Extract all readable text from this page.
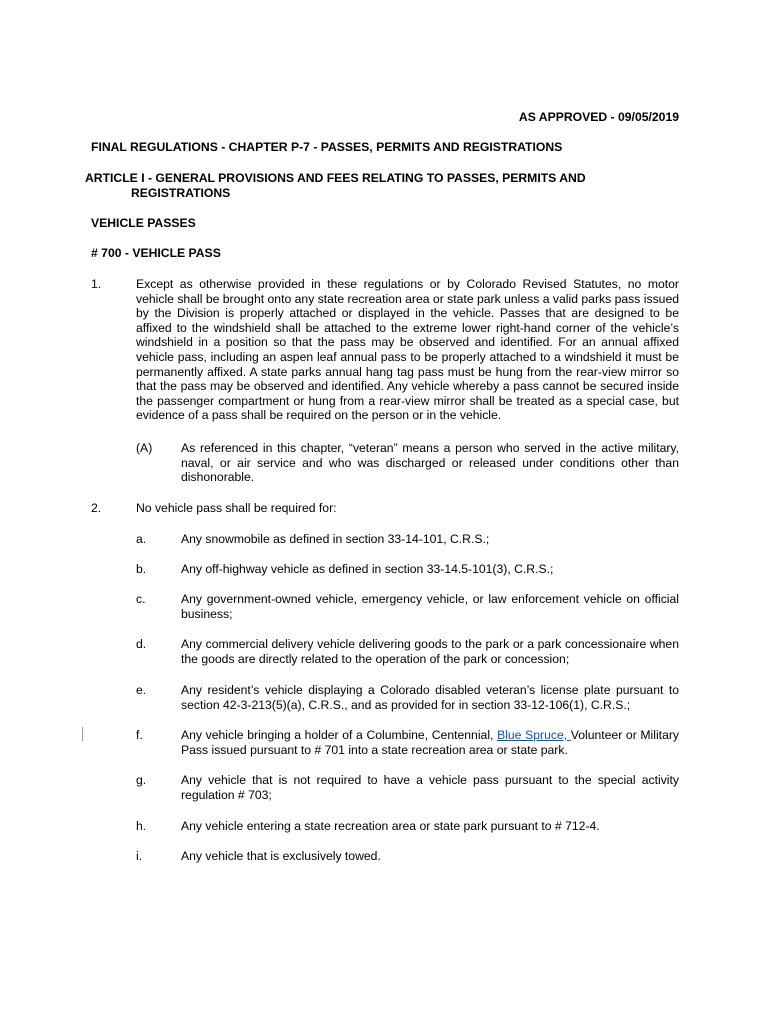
AS APPROVED - 09/05/2019
FINAL REGULATIONS - CHAPTER P-7 - PASSES, PERMITS AND REGISTRATIONS
ARTICLE I - GENERAL PROVISIONS AND FEES RELATING TO PASSES, PERMITS AND REGISTRATIONS
VEHICLE PASSES
# 700 - VEHICLE PASS
1.	Except as otherwise provided in these regulations or by Colorado Revised Statutes, no motor vehicle shall be brought onto any state recreation area or state park unless a valid parks pass issued by the Division is properly attached or displayed in the vehicle. Passes that are designed to be affixed to the windshield shall be attached to the extreme lower right-hand corner of the vehicle’s windshield in a position so that the pass may be observed and identified. For an annual affixed vehicle pass, including an aspen leaf annual pass to be properly attached to a windshield it must be permanently affixed. A state parks annual hang tag pass must be hung from the rear-view mirror so that the pass may be observed and identified. Any vehicle whereby a pass cannot be secured inside the passenger compartment or hung from a rear-view mirror shall be treated as a special case, but evidence of a pass shall be required on the person or in the vehicle.
(A) As referenced in this chapter, “veteran” means a person who served in the active military, naval, or air service and who was discharged or released under conditions other than dishonorable.
2.	No vehicle pass shall be required for:
a.	Any snowmobile as defined in section 33-14-101, C.R.S.;
b.	Any off-highway vehicle as defined in section 33-14.5-101(3), C.R.S.;
c.	Any government-owned vehicle, emergency vehicle, or law enforcement vehicle on official business;
d.	Any commercial delivery vehicle delivering goods to the park or a park concessionaire when the goods are directly related to the operation of the park or concession;
e.	Any resident’s vehicle displaying a Colorado disabled veteran’s license plate pursuant to section 42-3-213(5)(a), C.R.S., and as provided for in section 33-12-106(1), C.R.S.;
f.	Any vehicle bringing a holder of a Columbine, Centennial, Blue Spruce, Volunteer or Military Pass issued pursuant to # 701 into a state recreation area or state park.
g.	Any vehicle that is not required to have a vehicle pass pursuant to the special activity regulation # 703;
h.	Any vehicle entering a state recreation area or state park pursuant to # 712-4.
i.	Any vehicle that is exclusively towed.
